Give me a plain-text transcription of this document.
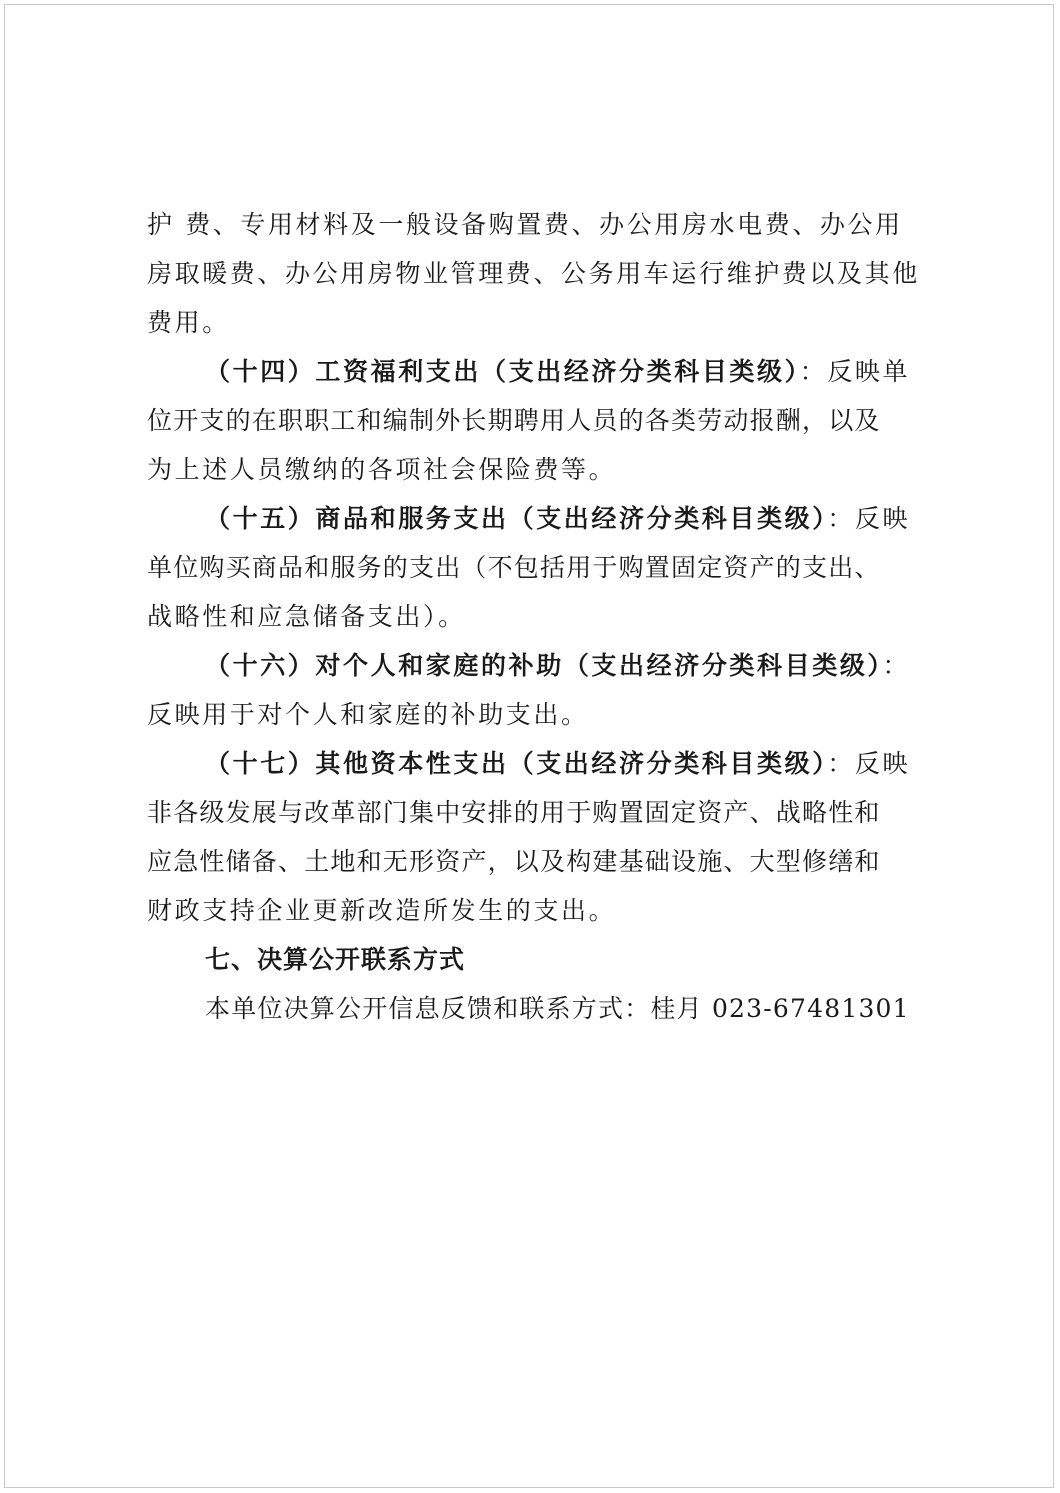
护 费、专用材料及一般设备购置费、办公用房水电费、办公用
房取暖费、办公用房物业管理费、公务用车运行维护费以及其他
费用。
（十四）工资福利支出（支出经济分类科目类级）：反映单
位开支的在职职工和编制外长期聘用人员的各类劳动报酬，以及
为上述人员缴纳的各项社会保险费等。
（十五）商品和服务支出（支出经济分类科目类级）：反映
单位购买商品和服务的支出（不包括用于购置固定资产的支出、
战略性和应急储备支出）。
（十六）对个人和家庭的补助（支出经济分类科目类级）：
反映用于对个人和家庭的补助支出。
（十七）其他资本性支出（支出经济分类科目类级）：反映
非各级发展与改革部门集中安排的用于购置固定资产、战略性和
应急性储备、土地和无形资产，以及构建基础设施、大型修缮和
财政支持企业更新改造所发生的支出。
七、决算公开联系方式
本单位决算公开信息反馈和联系方式：桂月 023-67481301
